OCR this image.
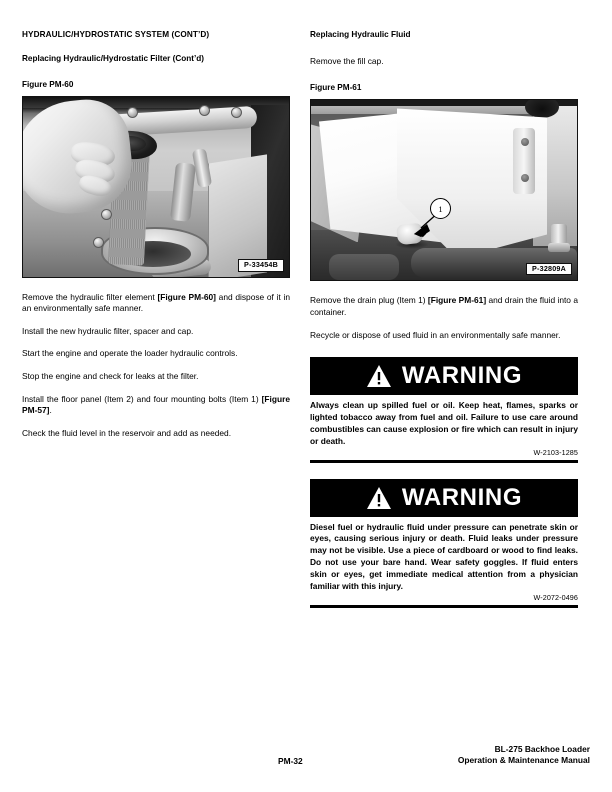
HYDRAULIC/HYDROSTATIC SYSTEM (CONT’D)
Replacing Hydraulic/Hydrostatic Filter (Cont’d)
Figure PM-60
P-33454B

Remove the hydraulic filter element [Figure PM-60] and dispose of it in an environmentally safe manner.

Install the new hydraulic filter, spacer and cap.

Start the engine and operate the loader hydraulic controls.

Stop the engine and check for leaks at the filter.

Install the floor panel (Item 2) and four mounting bolts (Item 1) [Figure PM-57].

Check the fluid level in the reservoir and add as needed.

Replacing Hydraulic Fluid
Remove the fill cap.
Figure PM-61
1
P-32809A

Remove the drain plug (Item 1) [Figure PM-61] and drain the fluid into a container.

Recycle or dispose of used fluid in an environmentally safe manner.

WARNING

Always clean up spilled fuel or oil. Keep heat, flames, sparks or lighted tobacco away from fuel and oil. Failure to use care around combustibles can cause explosion or fire which can result in injury or death.

W-2103-1285
WARNING

Diesel fuel or hydraulic fluid under pressure can penetrate skin or eyes, causing serious injury or death. Fluid leaks under pressure may not be visible. Use a piece of cardboard or wood to find leaks. Do not use your bare hand. Wear safety goggles. If fluid enters skin or eyes, get immediate medical attention from a physician familiar with this injury.

W-2072-0496
PM-32
BL-275 Backhoe Loader
Operation & Maintenance Manual
